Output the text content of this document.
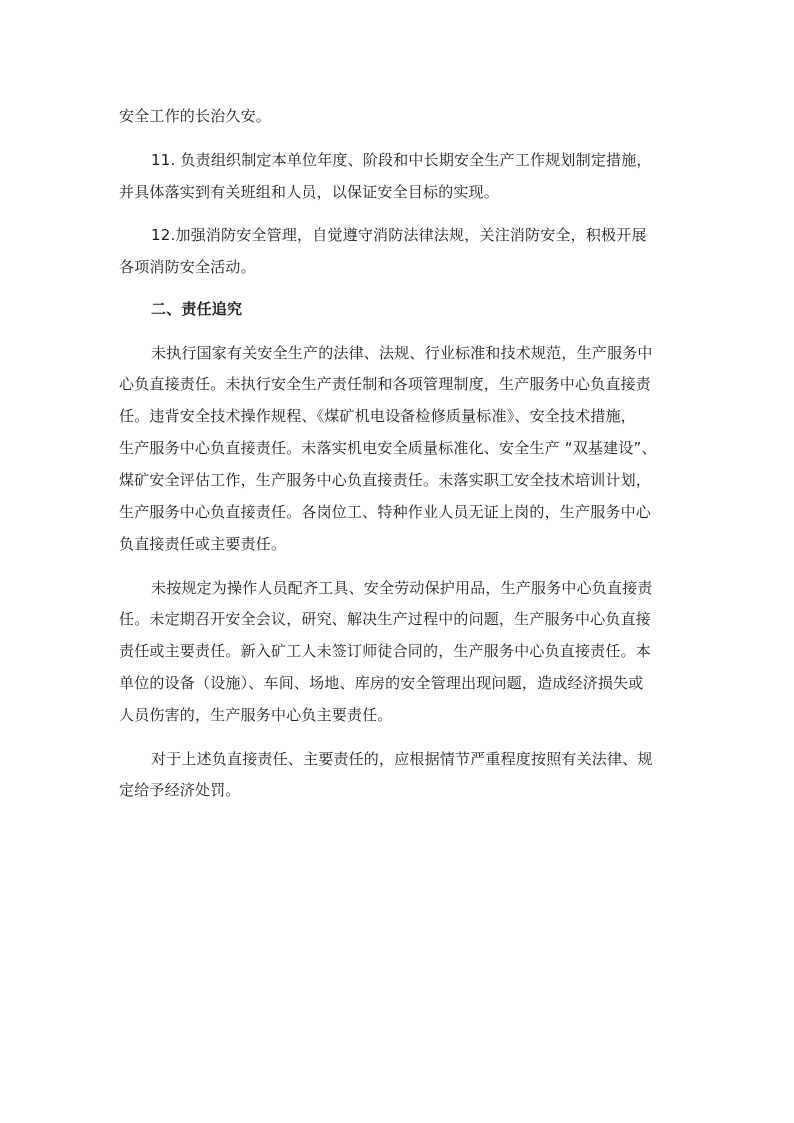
安全工作的长治久安。
11. 负责组织制定本单位年度、阶段和中长期安全生产工作规划制定措施，
并具体落实到有关班组和人员，以保证安全目标的实现。
12.加强消防安全管理，自觉遵守消防法律法规，关注消防安全，积极开展
各项消防安全活动。
二、责任追究
未执行国家有关安全生产的法律、法规、行业标准和技术规范，生产服务中
心负直接责任。未执行安全生产责任制和各项管理制度，生产服务中心负直接责
任。违背安全技术操作规程、《煤矿机电设备检修质量标准》、安全技术措施，
生产服务中心负直接责任。未落实机电安全质量标准化、安全生产 “双基建设”、
煤矿安全评估工作，生产服务中心负直接责任。未落实职工安全技术培训计划，
生产服务中心负直接责任。各岗位工、特种作业人员无证上岗的，生产服务中心
负直接责任或主要责任。
未按规定为操作人员配齐工具、安全劳动保护用品，生产服务中心负直接责
任。未定期召开安全会议，研究、解决生产过程中的问题，生产服务中心负直接
责任或主要责任。新入矿工人未签订师徒合同的，生产服务中心负直接责任。本
单位的设备（设施）、车间、场地、库房的安全管理出现问题，造成经济损失或
人员伤害的，生产服务中心负主要责任。
对于上述负直接责任、主要责任的，应根据情节严重程度按照有关法律、规
定给予经济处罚。
